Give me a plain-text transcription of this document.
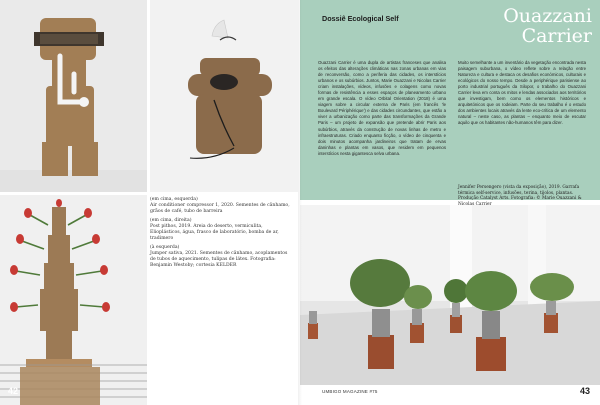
(em cima, esquerda)
Air conditioner compressor 1, 2020. Sementes de cânhamo, grãos de café, tubo de barreira

(em cima, direita)
Post pithos, 2019. Areia do deserto, vermiculita, Elioplásticos, água, frasco de laboratório, bomba de ar, tradimero

(à esquerda)
Jumper sativa, 2021. Sementes de cânhamo, acoplamentos de tubos de aquecimento, tulipas de látex. Fotografia: Benjamin Westoby; cortesia KELDER

42
Dossiê Ecological Self	Ouazzani Carrier
Ouazzani Carrier é uma dupla de artistas franceses que analisa os efeitos das alterações climáticas nas zonas urbanas em vias de reconversão, como a periferia das cidades, os interstícios urbanos e os subúrbios. Juntos, Marie Ouazzani e Nicolas Carrier criam instalações, vídeos, infusões e colagens como novas formas de resistência a esses espaços de planeamento urbano em grande escala. O vídeo Orbital Orientation (2018) é uma viagem sobre a circular externa de Paris (em francês 'le Boulevard Périphérique') e das cidades circundantes, que estão a viver a urbanização como parte das transformações da Grande Paris – um projeto de expansão que pretende abrir Paris aos subúrbios, através da construção de novas linhas de metro e infraestruturas. Criado enquanto ficção, o vídeo de cinquenta e dois minutos acompanha jardineiros que tratam de ervas daninhas e plantas em vasos, que residem em pequenos interstícios nesta gigantesca selva urbana.
Muito semelhante a um inventário da vegetação encontrada nesta paisagem suburbana, o vídeo reflete sobre a relação entre Natureza e cultura e destaca os desafios económicos, culturais e ecológicos do nosso tempo. Desde a periphérique parisiense ao porto industrial português da Silopor, o trabalho do Ouazzani Carrier leva em conta os mitos e lendas associados aos territórios que investigam, bem como os elementos históricos e arquitetónicos que os rodeiam. Parte do seu trabalho é o estudo dos ambientes locais através da lente eco-crítica de um elemento natural – neste caso, as plantas – enquanto meio de escutar aquilo que os habitantes não-humanos têm para dizer.
Jennifer Persengero (vista da exposição), 2019. Garrafa térmica self-service, infusões, terina, tijolos, plantas. Produção Catalyst Arts. Fotografia: © Marie Ouazzani &
UMBIGO MAGAZINE #75	43
